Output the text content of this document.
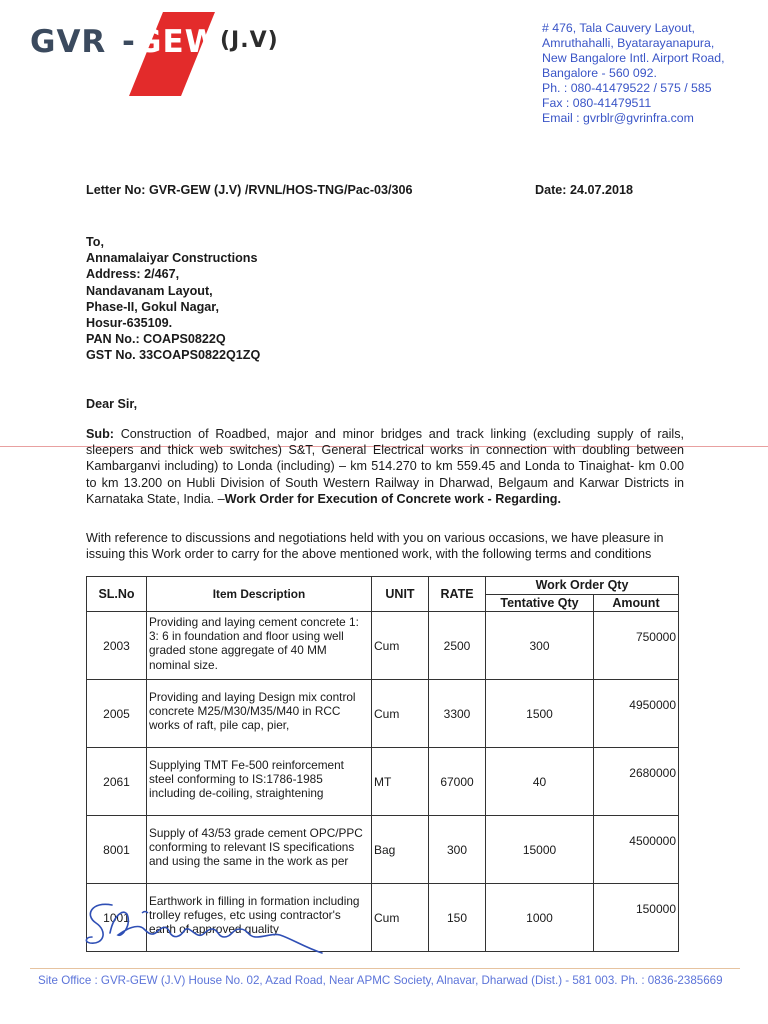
GVR - GEW (J.V)	# 476, Tala Cauvery Layout,
Amruthahalli, Byatarayanapura,
New Bangalore Intl. Airport Road,
Bangalore - 560 092.
Ph. : 080-41479522 / 575 / 585
Fax : 080-41479511
Email : gvrblr@gvrinfra.com
Letter No: GVR-GEW (J.V) /RVNL/HOS-TNG/Pac-03/306	Date: 24.07.2018
To,
Annamalaiyar Constructions
Address: 2/467,
Nandavanam Layout,
Phase-II, Gokul Nagar,
Hosur-635109.
PAN No.: COAPS0822Q
GST No. 33COAPS0822Q1ZQ
Dear Sir,
Sub: Construction of Roadbed, major and minor bridges and track linking (excluding supply of rails, sleepers and thick web switches) S&T, General Electrical works in connection with doubling between Kambarganvi including) to Londa (including) – km 514.270 to km 559.45 and Londa to Tinaighat- km 0.00 to km 13.200 on Hubli Division of South Western Railway in Dharwad, Belgaum and Karwar Districts in Karnataka State, India. –Work Order for Execution of Concrete work - Regarding.
With reference to discussions and negotiations held with you on various occasions, we have pleasure in issuing this Work order to carry for the above mentioned work, with the following terms and conditions
SL.No	Item Description	UNIT	RATE	Work Order Qty	
				Tentative Qty	Amount
2003	Providing and laying cement concrete 1: 3: 6 in foundation and floor using well graded stone aggregate of 40 MM nominal size.	Cum	2500	300	750000
2005	Providing and laying Design mix control concrete M25/M30/M35/M40 in RCC works of raft, pile cap, pier,	Cum	3300	1500	4950000
2061	Supplying TMT Fe-500 reinforcement steel conforming to IS:1786-1985 including de-coiling, straightening	MT	67000	40	2680000
8001	Supply of 43/53 grade cement OPC/PPC conforming to relevant IS specifications and using the same in the work as per	Bag	300	15000	4500000
1001	Earthwork in filling in formation including trolley refuges, etc using contractor's earth of approved quality	Cum	150	1000	150000
Site Office : GVR-GEW (J.V) House No. 02, Azad Road, Near APMC Society, Alnavar, Dharwad (Dist.) - 581 003. Ph. : 0836-2385669
